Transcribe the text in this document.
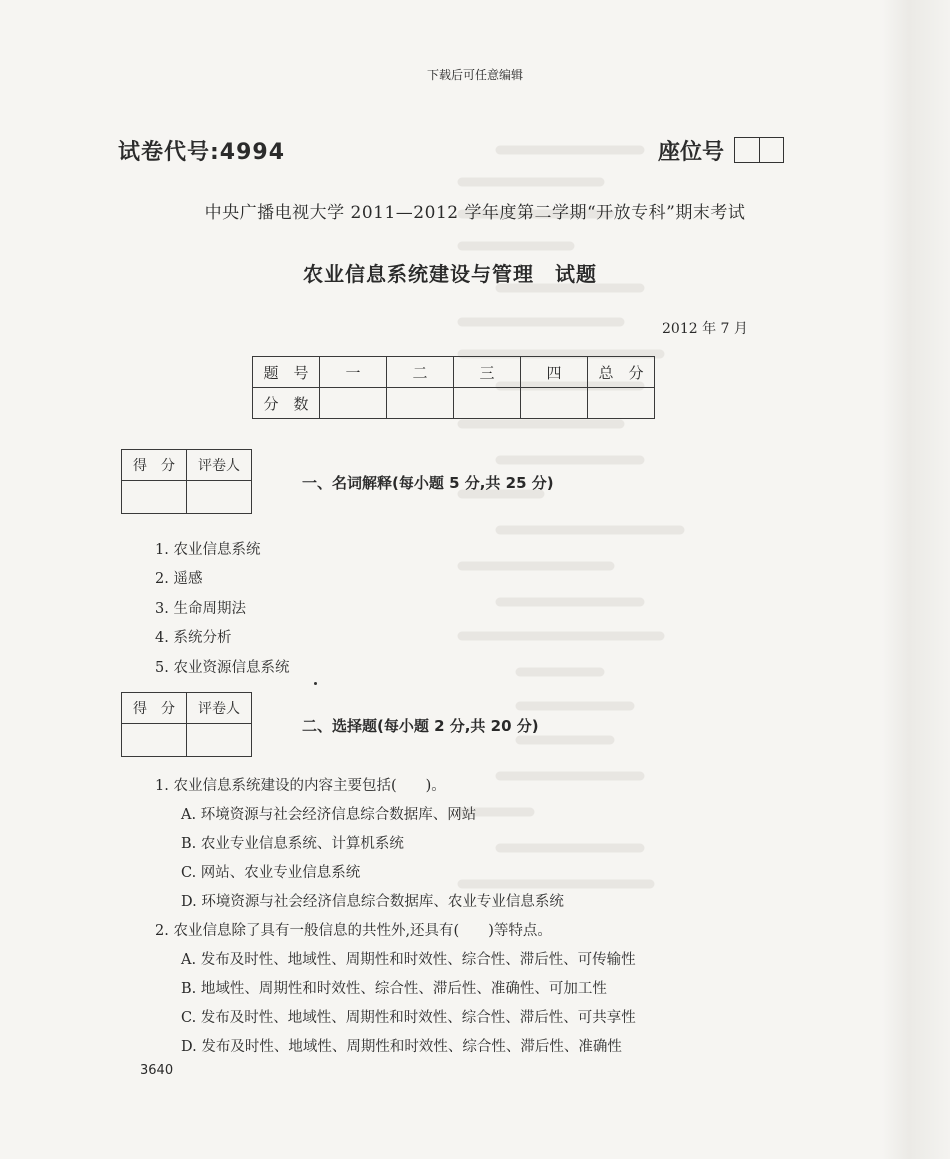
下载后可任意编辑
试卷代号:4994	座位号
中央广播电视大学 2011—2012 学年度第二学期“开放专科”期末考试
农业信息系统建设与管理　试题
2012 年 7 月
题　号	一	二	三	四	总　分
分　数					
得　分	评卷人

一、名词解释(每小题 5 分,共 25 分)
1. 农业信息系统
2. 遥感
3. 生命周期法
4. 系统分析
5. 农业资源信息系统
得　分	评卷人

二、选择题(每小题 2 分,共 20 分)
1. 农业信息系统建设的内容主要包括(　　)。
A. 环境资源与社会经济信息综合数据库、网站
B. 农业专业信息系统、计算机系统
C. 网站、农业专业信息系统
D. 环境资源与社会经济信息综合数据库、农业专业信息系统
2. 农业信息除了具有一般信息的共性外,还具有(　　)等特点。
A. 发布及时性、地域性、周期性和时效性、综合性、滞后性、可传输性
B. 地域性、周期性和时效性、综合性、滞后性、准确性、可加工性
C. 发布及时性、地域性、周期性和时效性、综合性、滞后性、可共享性
D. 发布及时性、地域性、周期性和时效性、综合性、滞后性、准确性
3640
